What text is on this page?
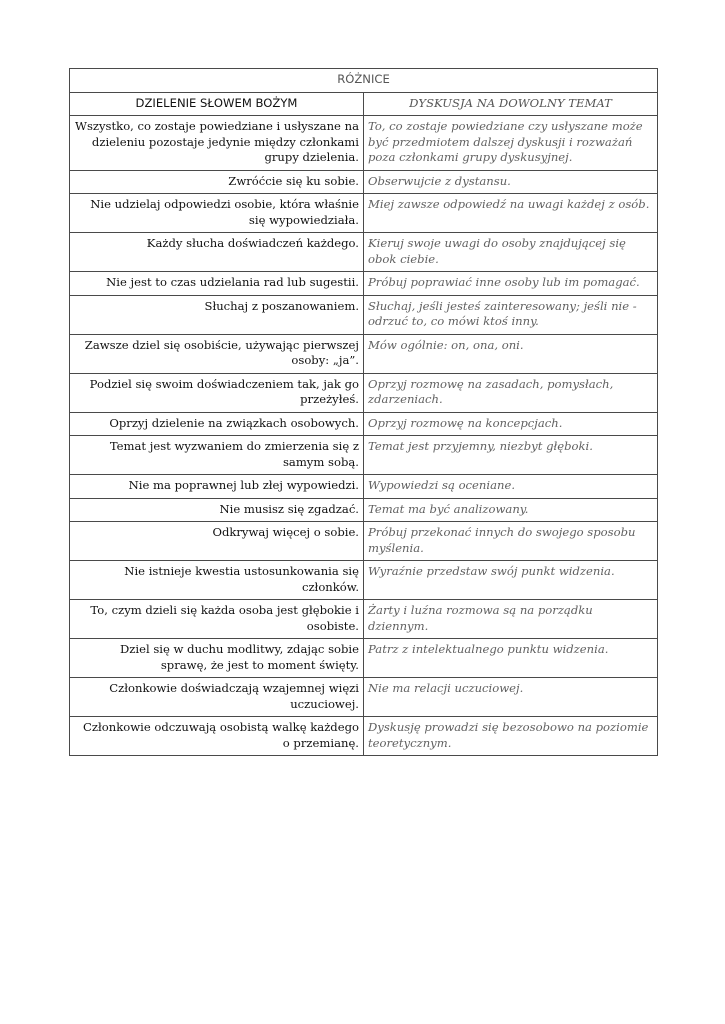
RÓŻNICE	
DZIELENIE SŁOWEM BOŻYM	DYSKUSJA NA DOWOLNY TEMAT
Wszystko, co zostaje powiedziane i usłyszane na dzieleniu pozostaje jedynie między członkami grupy dzielenia.	To, co zostaje powiedziane czy usłyszane może być przedmiotem dalszej dyskusji i rozważań poza członkami grupy dyskusyjnej.
Zwróćcie się ku sobie.	Obserwujcie z dystansu.
Nie udzielaj odpowiedzi osobie, która właśnie się wypowiedziała.	Miej zawsze odpowiedź na uwagi każdej z osób.
Każdy słucha doświadczeń każdego.	Kieruj swoje uwagi do osoby znajdującej się obok ciebie.
Nie jest to czas udzielania rad lub sugestii.	Próbuj poprawiać inne osoby lub im pomagać.
Słuchaj z poszanowaniem.	Słuchaj, jeśli jesteś zainteresowany; jeśli nie - odrzuć to, co mówi ktoś inny.
Zawsze dziel się osobiście, używając pierwszej osoby: „ja”.	Mów ogólnie: on, ona, oni.
Podziel się swoim doświadczeniem tak, jak go przeżyłeś.	Oprzyj rozmowę na zasadach, pomysłach, zdarzeniach.
Oprzyj dzielenie na związkach osobowych.	Oprzyj rozmowę na koncepcjach.
Temat jest wyzwaniem do zmierzenia się z samym sobą.	Temat jest przyjemny, niezbyt głęboki.
Nie ma poprawnej lub złej wypowiedzi.	Wypowiedzi są oceniane.
Nie musisz się zgadzać.	Temat ma być analizowany.
Odkrywaj więcej o sobie.	Próbuj przekonać innych do swojego sposobu myślenia.
Nie istnieje kwestia ustosunkowania się członków.	Wyraźnie przedstaw swój punkt widzenia.
To, czym dzieli się każda osoba jest głębokie i osobiste.	Żarty i luźna rozmowa są na porządku dziennym.
Dziel się w duchu modlitwy, zdając sobie sprawę, że jest to moment święty.	Patrz z intelektualnego punktu widzenia.
Członkowie doświadczają wzajemnej więzi uczuciowej.	Nie ma relacji uczuciowej.
Członkowie odczuwają osobistą walkę każdego o przemianę.	Dyskusję prowadzi się bezosobowo na poziomie teoretycznym.
